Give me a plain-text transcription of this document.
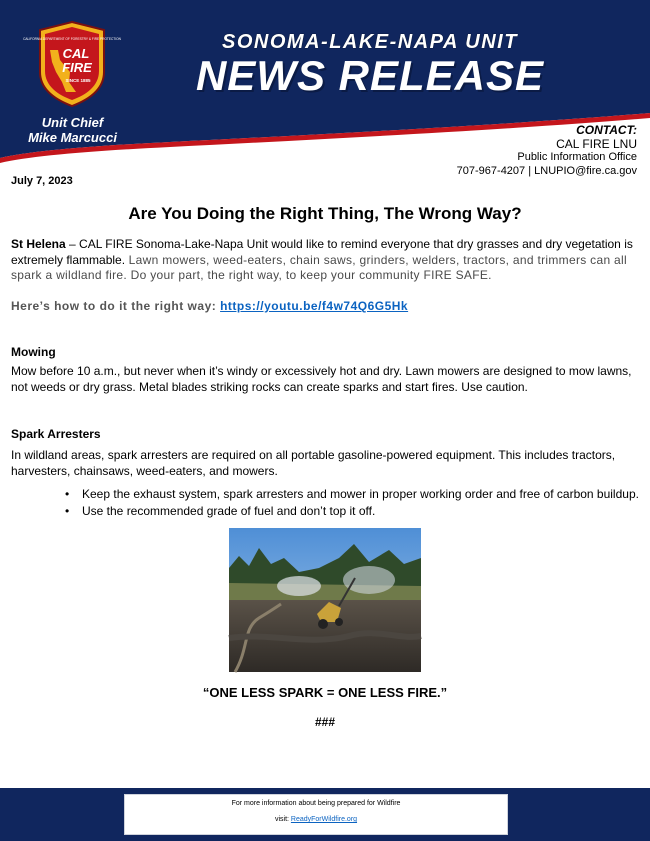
CALIFORNIA DEPARTMENT OF FORESTRY & FIRE PROTECTION
CAL
FIRE
SINCE 1885
SONOMA-LAKE-NAPA UNIT
NEWS RELEASE
Unit Chief
Mike Marcucci	CONTACT:
CAL FIRE LNU
Public Information Office
707-967-4207 | LNUPIO@fire.ca.gov
July 7, 2023
Are You Doing the Right Thing, The Wrong Way?
St Helena – CAL FIRE Sonoma-Lake-Napa Unit would like to remind everyone that dry grasses and dry vegetation is extremely flammable. Lawn mowers, weed-eaters, chain saws, grinders, welders, tractors, and trimmers can all spark a wildland fire. Do your part, the right way, to keep your community FIRE SAFE.
Here’s how to do it the right way: https://youtu.be/f4w74Q6G5Hk
Mowing
Mow before 10 a.m., but never when it’s windy or excessively hot and dry. Lawn mowers are designed to mow lawns, not weeds or dry grass. Metal blades striking rocks can create sparks and start fires. Use caution.
Spark Arresters
In wildland areas, spark arresters are required on all portable gasoline-powered equipment. This includes tractors, harvesters, chainsaws, weed-eaters, and mowers.
• Keep the exhaust system, spark arresters and mower in proper working order and free of carbon buildup.
• Use the recommended grade of fuel and don’t top it off.
“ONE LESS SPARK = ONE LESS FIRE.”
###
For more information about being prepared for Wildfire
visit: ReadyForWildfire.org
